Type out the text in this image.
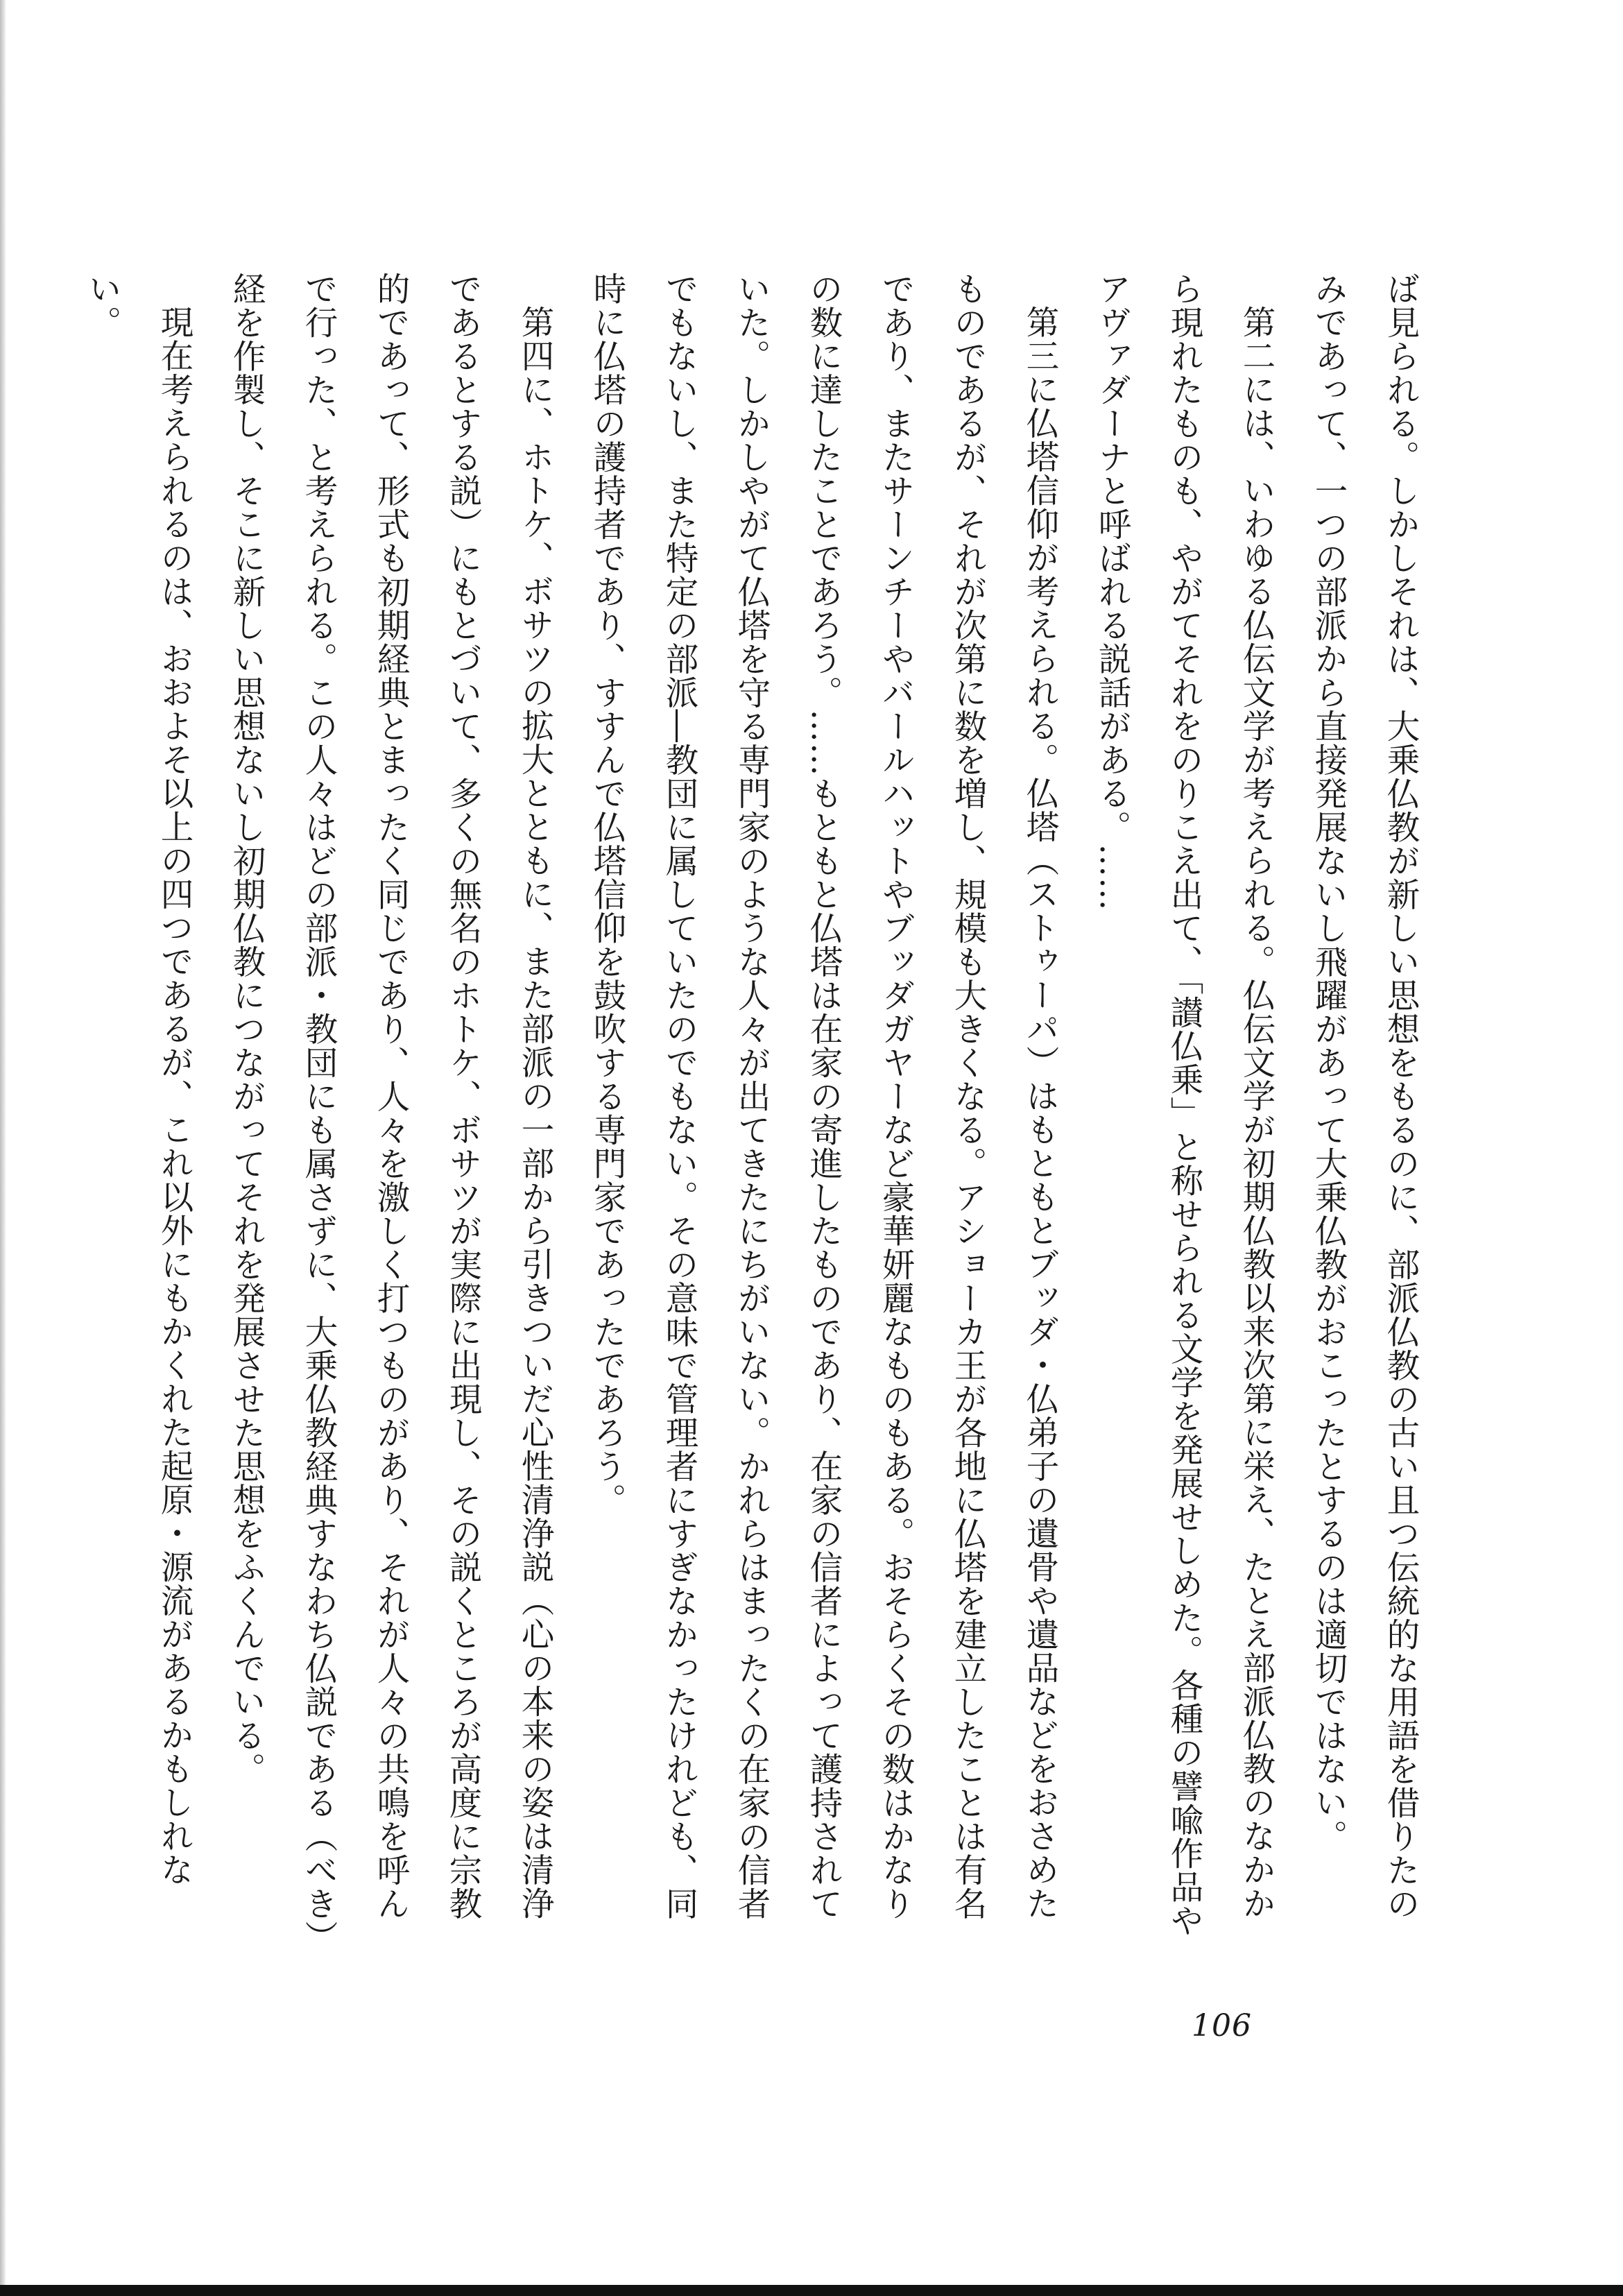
ば見られる。しかしそれは、大乗仏教が新しい思想をもるのに、部派仏教の古い且つ伝統的な用語を借りたのみであって、一つの部派から直接発展ないし飛躍があって大乗仏教がおこったとするのは適切ではない。

第二には、いわゆる仏伝文学が考えられる。仏伝文学が初期仏教以来次第に栄え、たとえ部派仏教のなかから現れたものも、やがてそれをのりこえ出て、「讃仏乗」と称せられる文学を発展せしめた。各種の譬喩作品やアヴァダーナと呼ばれる説話がある。……

第三に仏塔信仰が考えられる。仏塔（ストゥーパ）はもともとブッダ・仏弟子の遺骨や遺品などをおさめたものであるが、それが次第に数を増し、規模も大きくなる。アショーカ王が各地に仏塔を建立したことは有名であり、またサーンチーやバールハットやブッダガヤーなど豪華妍麗なものもある。おそらくその数はかなりの数に達したことであろう。……もともと仏塔は在家の寄進したものであり、在家の信者によって護持されていた。しかしやがて仏塔を守る専門家のような人々が出てきたにちがいない。かれらはまったくの在家の信者でもないし、また特定の部派―教団に属していたのでもない。その意味で管理者にすぎなかったけれども、同時に仏塔の護持者であり、すすんで仏塔信仰を鼓吹する専門家であったであろう。

第四に、ホトケ、ボサツの拡大とともに、また部派の一部から引きついだ心性清浄説（心の本来の姿は清浄であるとする説）にもとづいて、多くの無名のホトケ、ボサツが実際に出現し、その説くところが高度に宗教的であって、形式も初期経典とまったく同じであり、人々を激しく打つものがあり、それが人々の共鳴を呼んで行った、と考えられる。この人々はどの部派・教団にも属さずに、大乗仏教経典すなわち仏説である（べき）経を作製し、そこに新しい思想ないし初期仏教につながってそれを発展させた思想をふくんでいる。

現在考えられるのは、おおよそ以上の四つであるが、これ以外にもかくれた起原・源流があるかもしれない。

106
